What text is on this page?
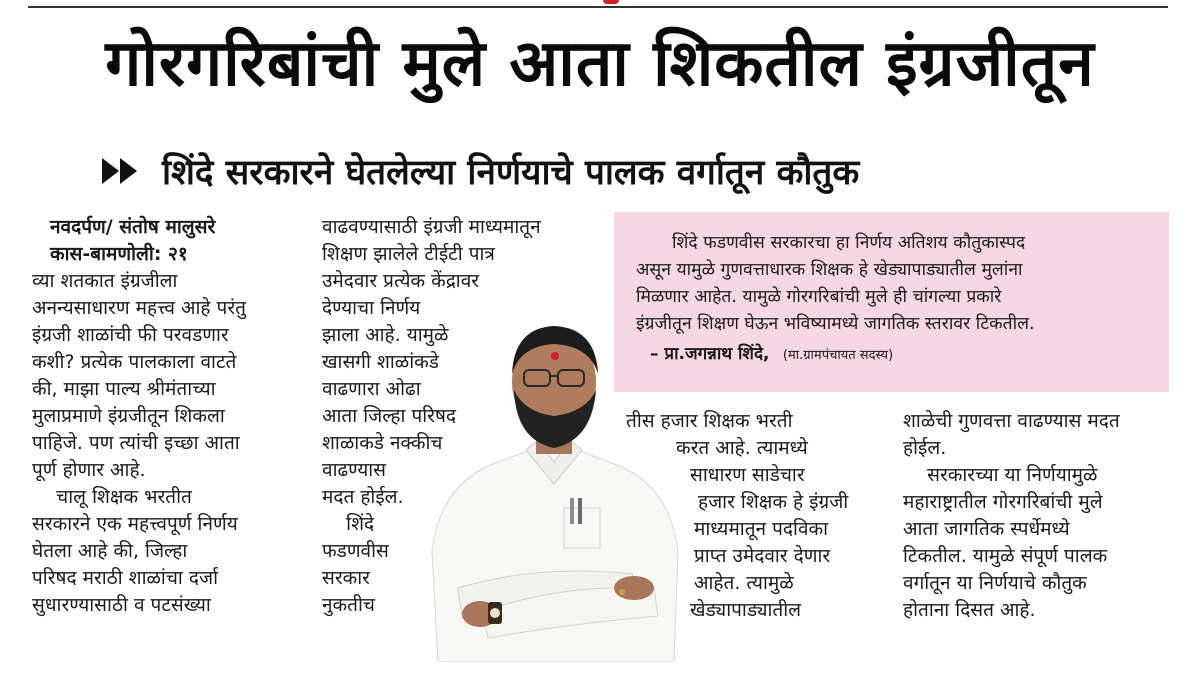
गोरगरिबांची मुले आता शिकतील इंग्रजीतून
शिंदे सरकारने घेतलेल्या निर्णयाचे पालक वर्गातून कौतुक
नवदर्पण/ संतोष मालुसरे
कास-बामणोली: २१
व्या शतकात इंग्रजीला
अनन्यसाधारण महत्त्व आहे परंतु
इंग्रजी शाळांची फी परवडणार
कशी? प्रत्येक पालकाला वाटते
की, माझा पाल्य श्रीमंताच्या
मुलाप्रमाणे इंग्रजीतून शिकला
पाहिजे. पण त्यांची इच्छा आता
पूर्ण होणार आहे.
चालू शिक्षक भरतीत
सरकारने एक महत्त्वपूर्ण निर्णय
घेतला आहे की, जिल्हा
परिषद मराठी शाळांचा दर्जा
सुधारण्यासाठी व पटसंख्या
वाढवण्यासाठी इंग्रजी माध्यमातून
शिक्षण झालेले टीईटी पात्र
उमेदवार प्रत्येक केंद्रावर
देण्याचा निर्णय
झाला आहे. यामुळे
खासगी शाळांकडे
वाढणारा ओढा
आता जिल्हा परिषद
शाळाकडे नक्कीच
वाढण्यास
मदत होईल.
शिंदे
फडणवीस
सरकार
नुकतीच
शिंदे फडणवीस सरकारचा हा निर्णय अतिशय कौतुकास्पद
असून यामुळे गुणवत्ताधारक शिक्षक हे खेड्यापाड्यातील मुलांना
मिळणार आहेत. यामुळे गोरगरिबांची मुले ही चांगल्या प्रकारे
इंग्रजीतून शिक्षण घेऊन भविष्यामध्ये जागतिक स्तरावर टिकतील.
– प्रा.जगन्नाथ शिंदे, (मा.ग्रामपंचायत सदस्य)
तीस हजार शिक्षक भरती
करत आहे. त्यामध्ये
साधारण साडेचार
हजार शिक्षक हे इंग्रजी
माध्यमातून पदविका
प्राप्त उमेदवार देणार
आहेत. त्यामुळे
खेड्यापाड्यातील
शाळेची गुणवत्ता वाढण्यास मदत
होईल.
सरकारच्या या निर्णयामुळे
महाराष्ट्रातील गोरगरिबांची मुले
आता जागतिक स्पर्धेमध्ये
टिकतील. यामुळे संपूर्ण पालक
वर्गातून या निर्णयाचे कौतुक
होताना दिसत आहे.
